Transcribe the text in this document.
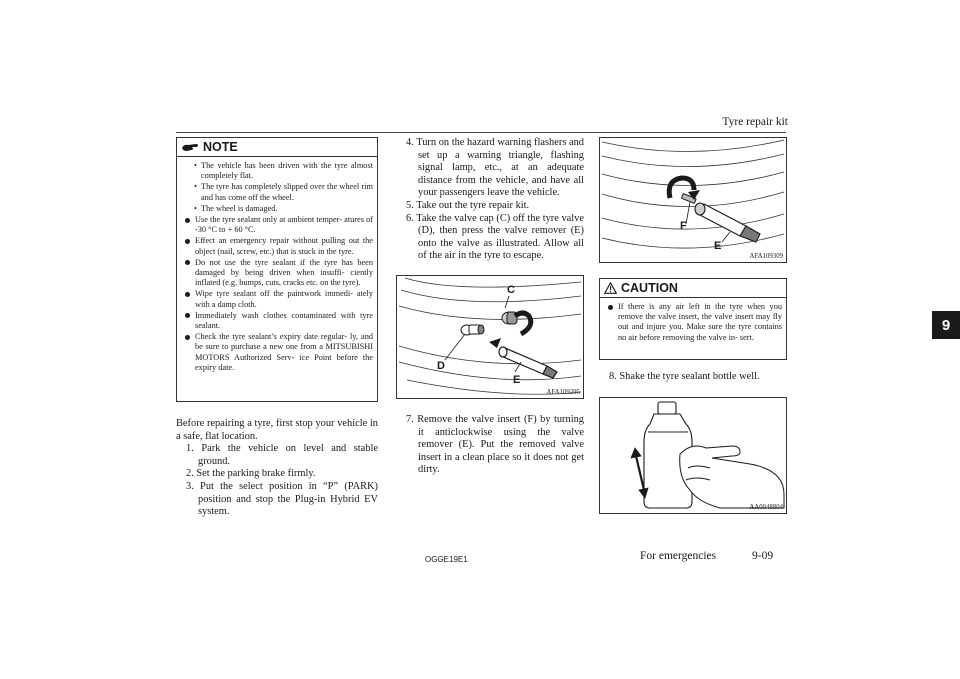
Tyre repair kit
9
NOTE
• The vehicle has been driven with the tyre almost completely flat.
• The tyre has completely slipped over the wheel rim and has come off the wheel.
• The wheel is damaged.
Use the tyre sealant only at ambient temper- atures of -30 °C to + 60 °C.
Effect an emergency repair without pulling out the object (nail, screw, etc.) that is stuck in the tyre.
Do not use the tyre sealant if the tyre has been damaged by being driven when insuffi- ciently inflated (e.g. bumps, cuts, cracks etc. on the tyre).
Wipe tyre sealant off the paintwork immedi- ately with a damp cloth.
Immediately wash clothes contaminated with tyre sealant.
Check the tyre sealant’s expiry date regular- ly, and be sure to purchase a new one from a MITSUBISHI MOTORS Authorized Serv- ice Point before the expiry date.
Before repairing a tyre, first stop your vehicle in a safe, flat location.
1. Park the vehicle on level and stable ground.
2. Set the parking brake firmly.
3. Put the select position in “P” (PARK) position and stop the Plug-in Hybrid EV system.
4. Turn on the hazard warning flashers and set up a warning triangle, flashing signal lamp, etc., at an adequate distance from the vehicle, and have all your passengers leave the vehicle.
5. Take out the tyre repair kit.
6. Take the valve cap (C) off the tyre valve (D), then press the valve remover (E) onto the valve as illustrated. Allow all of the air in the tyre to escape.
C
D
E
AFA109295
7. Remove the valve insert (F) by turning it anticlockwise using the valve remover (E). Put the removed valve insert in a clean place so it does not get dirty.
F
E
AFA109309
CAUTION
If there is any air left in the tyre when you remove the valve insert, the valve insert may fly out and injure you. Make sure the tyre contains no air before removing the valve in- sert.
8. Shake the tyre sealant bottle well.
AA0048804
OGGE19E1	For emergencies	9-09
